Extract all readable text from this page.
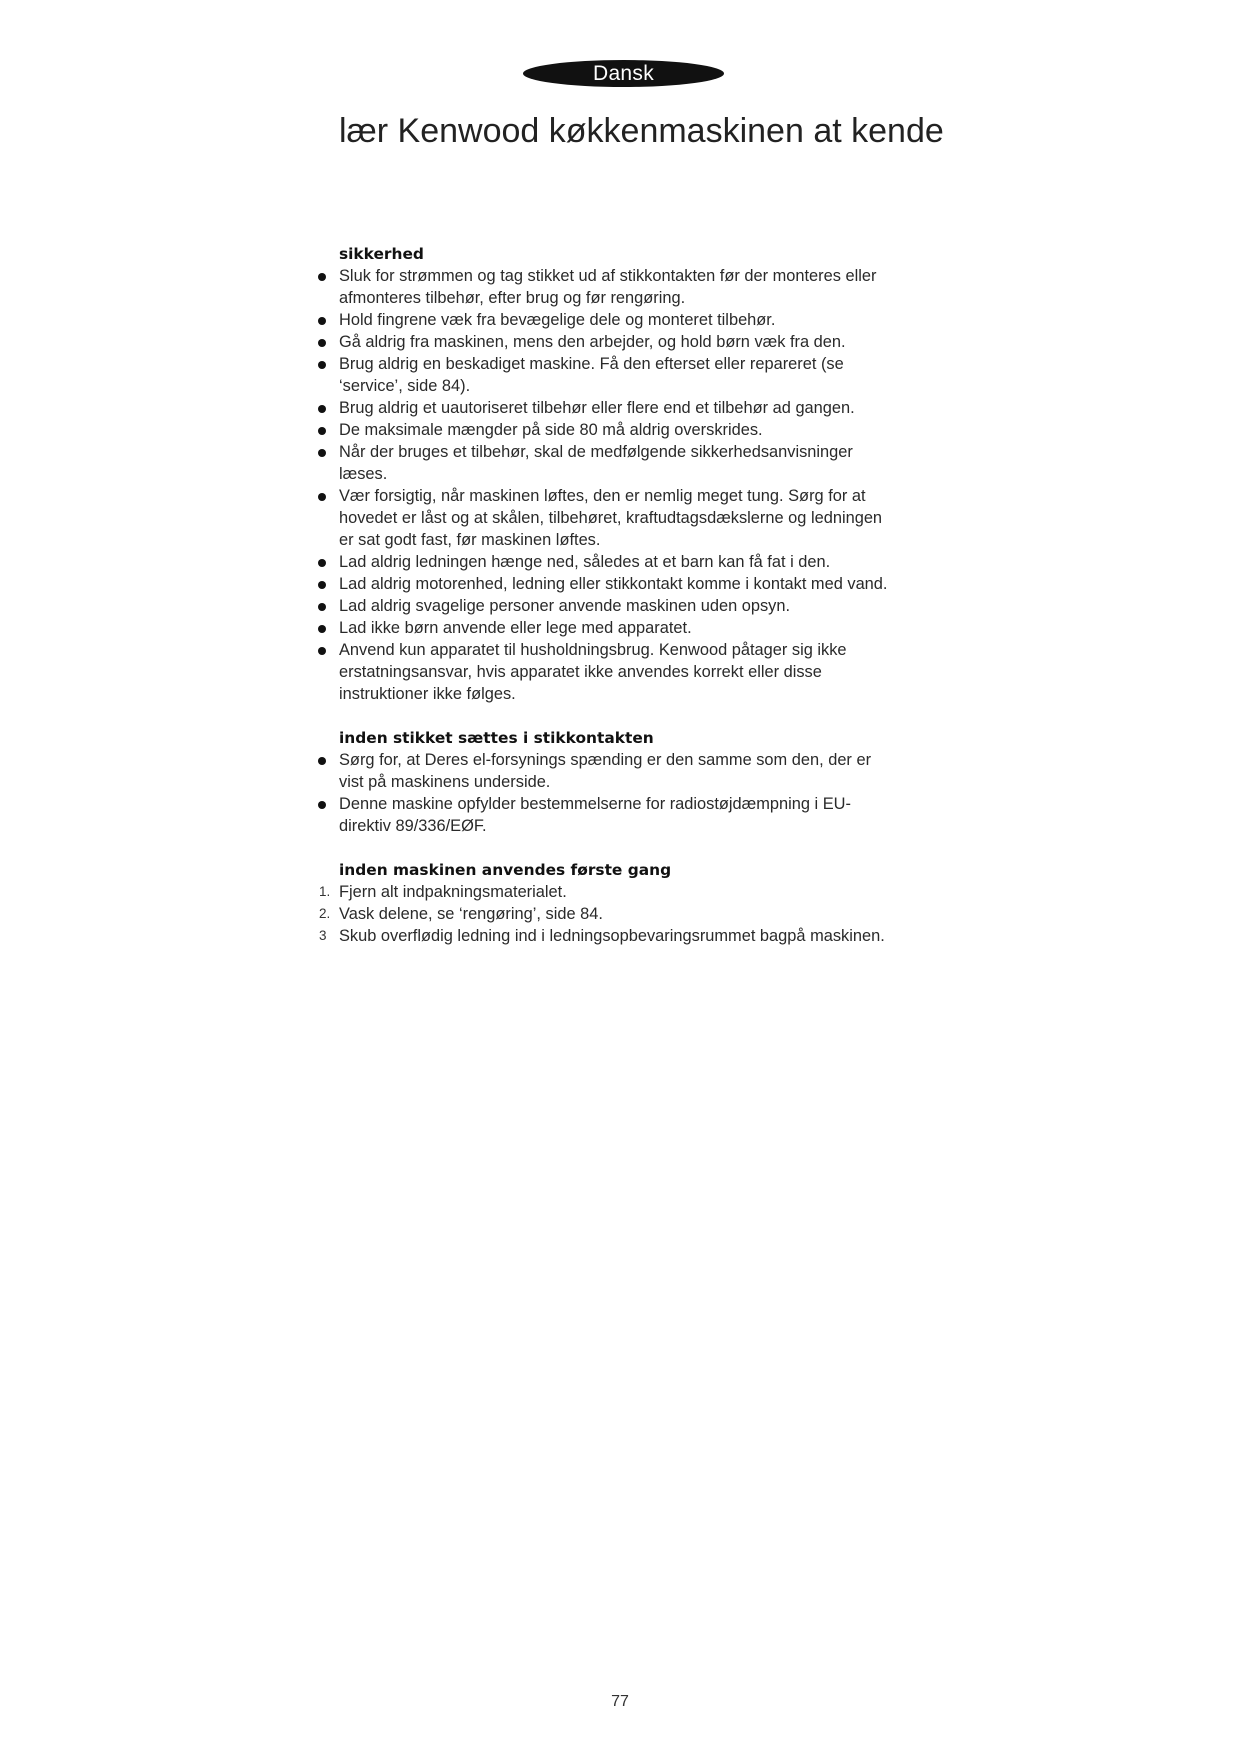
Dansk
lær Kenwood køkkenmaskinen at kende

sikkerhed

Sluk for strømmen og tag stikket ud af stikkontakten før der monteres eller afmonteres tilbehør, efter brug og før rengøring.
Hold fingrene væk fra bevægelige dele og monteret tilbehør.
Gå aldrig fra maskinen, mens den arbejder, og hold børn væk fra den.
Brug aldrig en beskadiget maskine. Få den efterset eller repareret (se ‘service’, side 84).
Brug aldrig et uautoriseret tilbehør eller flere end et tilbehør ad gangen.
De maksimale mængder på side 80 må aldrig overskrides.
Når der bruges et tilbehør, skal de medfølgende sikkerhedsanvisninger læses.
Vær forsigtig, når maskinen løftes, den er nemlig meget tung. Sørg for at hovedet er låst og at skålen, tilbehøret, kraftudtagsdækslerne og ledningen er sat godt fast, før maskinen løftes.
Lad aldrig ledningen hænge ned, således at et barn kan få fat i den.
Lad aldrig motorenhed, ledning eller stikkontakt komme i kontakt med vand.
Lad aldrig svagelige personer anvende maskinen uden opsyn.
Lad ikke børn anvende eller lege med apparatet.
Anvend kun apparatet til husholdningsbrug. Kenwood påtager sig ikke erstatningsansvar, hvis apparatet ikke anvendes korrekt eller disse instruktioner ikke følges.

inden stikket sættes i stikkontakten

Sørg for, at Deres el-forsynings spænding er den samme som den, der er vist på maskinens underside.
Denne maskine opfylder bestemmelserne for radiostøjdæmpning i EU-direktiv 89/336/EØF.

inden maskinen anvendes første gang

1. Fjern alt indpakningsmaterialet.
2. Vask delene, se ‘rengøring’, side 84.
3 Skub overflødig ledning ind i ledningsopbevaringsrummet bagpå maskinen.
77
